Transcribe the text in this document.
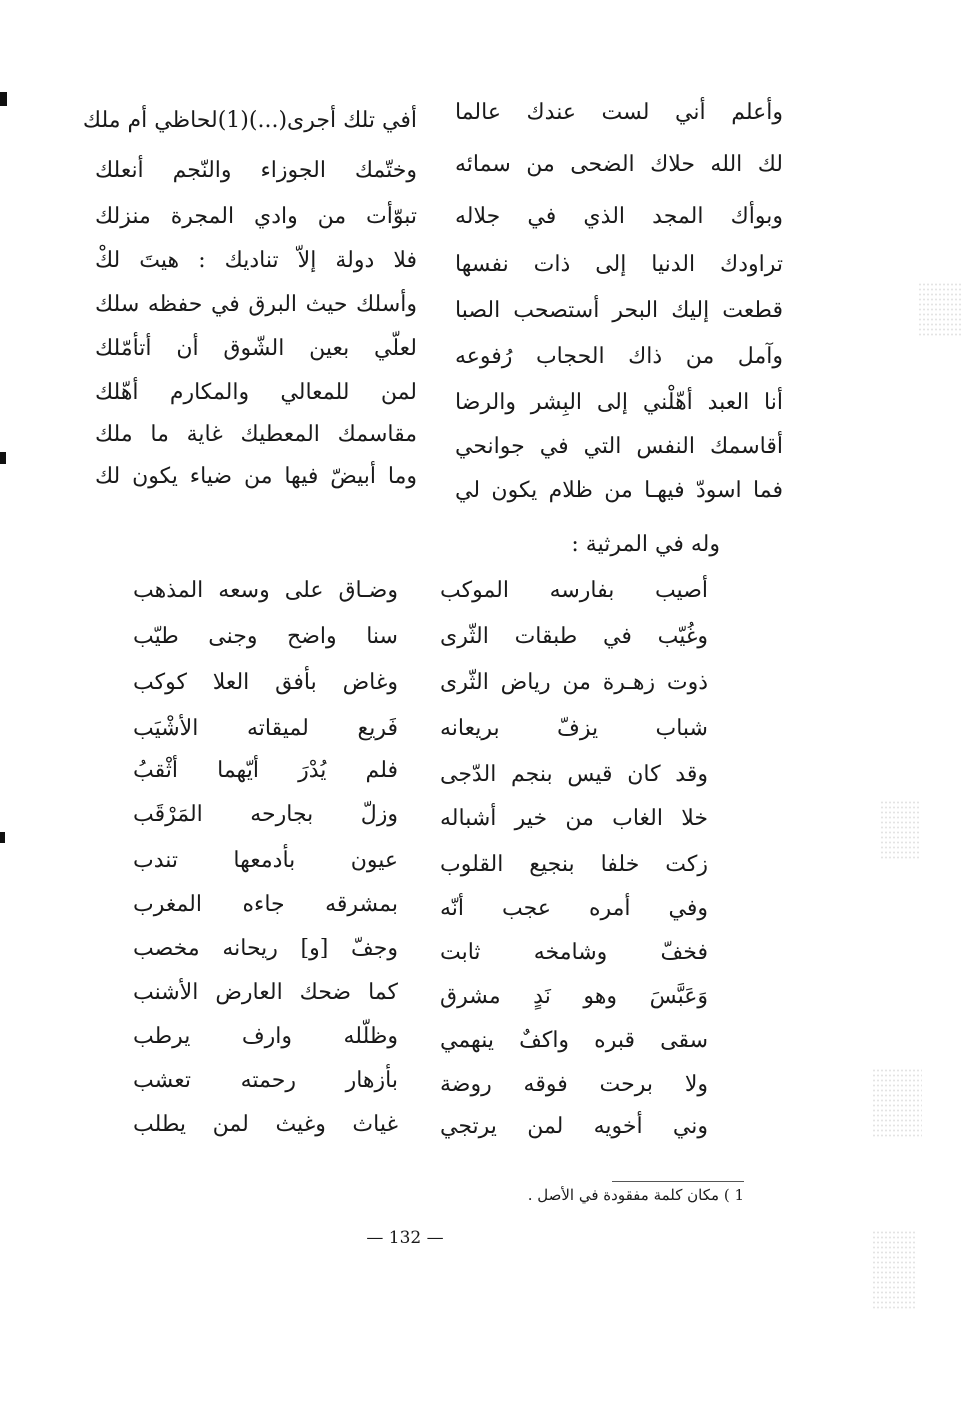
وأعلم أني لست عندك عالما
لك الله حلاك الضحى من سمائه
وبوأك المجد الذي في جلاله
تراودك الدنيا إلى ذات نفسها
قطعت إليك البحر أستصحب الصبا
وآمل من ذاك الحجاب رُفوعه
أنا العبد أهّلْني إلى البِشر والرضا
أقاسمك النفس التي في جوانحي
فما اسودّ فيهـا من ظلام يكون لي
أفي تلك أجرى(...)(1)لحاظي أم ملك
وختّمك الجوزاء والنّجم أنعلك
تبوّأت من وادي المجرة منزلك
فلا دولة إلاّ تناديك : هيتَ لكْ
وأسلك حيث البرق في حفظه سلك
لعلّي بعين الشّوق أن أتأمّلك
لمن للمعالي والمكارم أهّلك
مقاسمك المعطيك غاية ما ملك
وما أبيضّ فيها من ضياء يكون لك
وله في المرثية :
أصيب بفارسه الموكب
وغُيّب في طبقات الثّرى
ذوت زهـرة من رياض الثّرى
شباب يزفّ بريعانه
وقد كان قيس بنجم الدّجى
خلا الغاب من خير أشباله
زكت خلفا بنجيع القلوب
وفي أمره عجب أنّه
فخفّ وشامخه ثابت
وَعَبَّسَ وهو نَدٍ مشرق
سقى قبره واكفٌ ينهمي
ولا برحت فوقه روضة
وني أخويه لمن يرتجي
وضـاق على وسعه المذهب
سنا واضح وجنى طيّب
وغاض بأفق العلا كوكب
فَريع لميقاته الأشْيَب
فلم يُدْرَ أيّهما أثْقبُ
وزلّ بجارحه المَرْقَب
عيون بأدمعها تندب
بمشرقه جاءه المغرب
وجفّ [و] ريحانه مخصب
كما ضحك العارض الأشنب
وظلّله وارف يرطب
بأزهار رحمته تعشب
غياث وغيث لمن يطلب
1 ) مكان كلمة مفقودة في الأصل .
— 132 —
